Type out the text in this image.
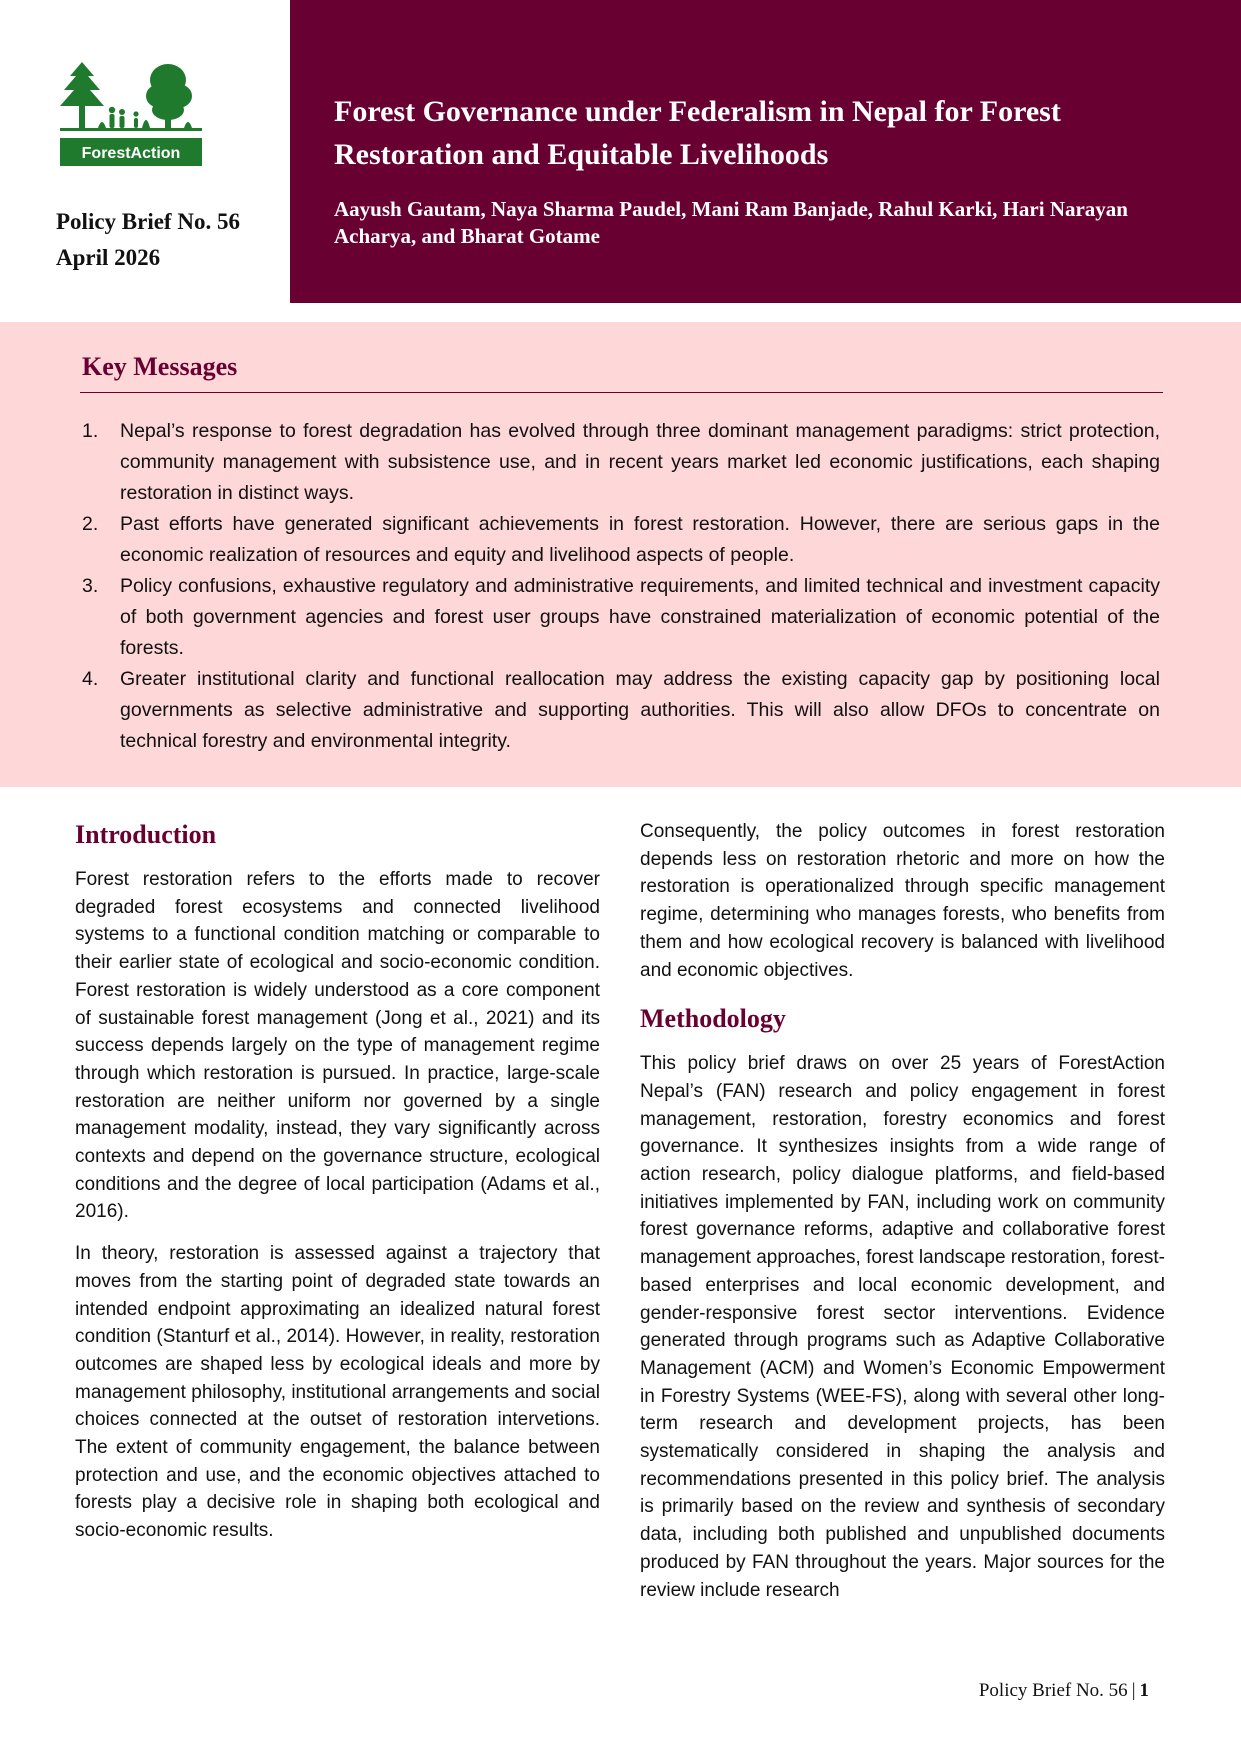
ForestAction
Policy Brief No. 56
April 2026
Forest Governance under Federalism in Nepal for Forest Restoration and Equitable Livelihoods

Aayush Gautam, Naya Sharma Paudel, Mani Ram Banjade, Rahul Karki, Hari Narayan Acharya, and Bharat Gotame

Key Messages
1. Nepal’s response to forest degradation has evolved through three dominant management paradigms: strict protection, community management with subsistence use, and in recent years market led economic justifications, each shaping restoration in distinct ways.
2. Past efforts have generated significant achievements in forest restoration. However, there are serious gaps in the economic realization of resources and equity and livelihood aspects of people.
3. Policy confusions, exhaustive regulatory and administrative requirements, and limited technical and investment capacity of both government agencies and forest user groups have constrained materialization of economic potential of the forests.
4. Greater institutional clarity and functional reallocation may address the existing capacity gap by positioning local governments as selective administrative and supporting authorities. This will also allow DFOs to concentrate on technical forestry and environmental integrity.
Introduction

Forest restoration refers to the efforts made to recover degraded forest ecosystems and connected livelihood systems to a functional condition matching or comparable to their earlier state of ecological and socio-economic condition. Forest restoration is widely understood as a core component of sustainable forest management (Jong et al., 2021) and its success depends largely on the type of management regime through which restoration is pursued. In practice, large-scale restoration are neither uniform nor governed by a single management modality, instead, they vary significantly across contexts and depend on the governance structure, ecological conditions and the degree of local participation (Adams et al., 2016).

In theory, restoration is assessed against a trajectory that moves from the starting point of degraded state towards an intended endpoint approximating an idealized natural forest condition (Stanturf et al., 2014). However, in reality, restoration outcomes are shaped less by ecological ideals and more by management philosophy, institutional arrangements and social choices connected at the outset of restoration intervetions. The extent of community engagement, the balance between protection and use, and the economic objectives attached to forests play a decisive role in shaping both ecological and socio-economic results.

Consequently, the policy outcomes in forest restoration depends less on restoration rhetoric and more on how the restoration is operationalized through specific management regime, determining who manages forests, who benefits from them and how ecological recovery is balanced with livelihood and economic objectives.

Methodology

This policy brief draws on over 25 years of ForestAction Nepal’s (FAN) research and policy engagement in forest management, restoration, forestry economics and forest governance. It synthesizes insights from a wide range of action research, policy dialogue platforms, and field-based initiatives implemented by FAN, including work on community forest governance reforms, adaptive and collaborative forest management approaches, forest landscape restoration, forest-based enterprises and local economic development, and gender-responsive forest sector interventions. Evidence generated through programs such as Adaptive Collaborative Management (ACM) and Women’s Economic Empowerment in Forestry Systems (WEE-FS), along with several other long-term research and development projects, has been systematically considered in shaping the analysis and recommendations presented in this policy brief. The analysis is primarily based on the review and synthesis of secondary data, including both published and unpublished documents produced by FAN throughout the years. Major sources for the review include research

Policy Brief No. 56 | 1
